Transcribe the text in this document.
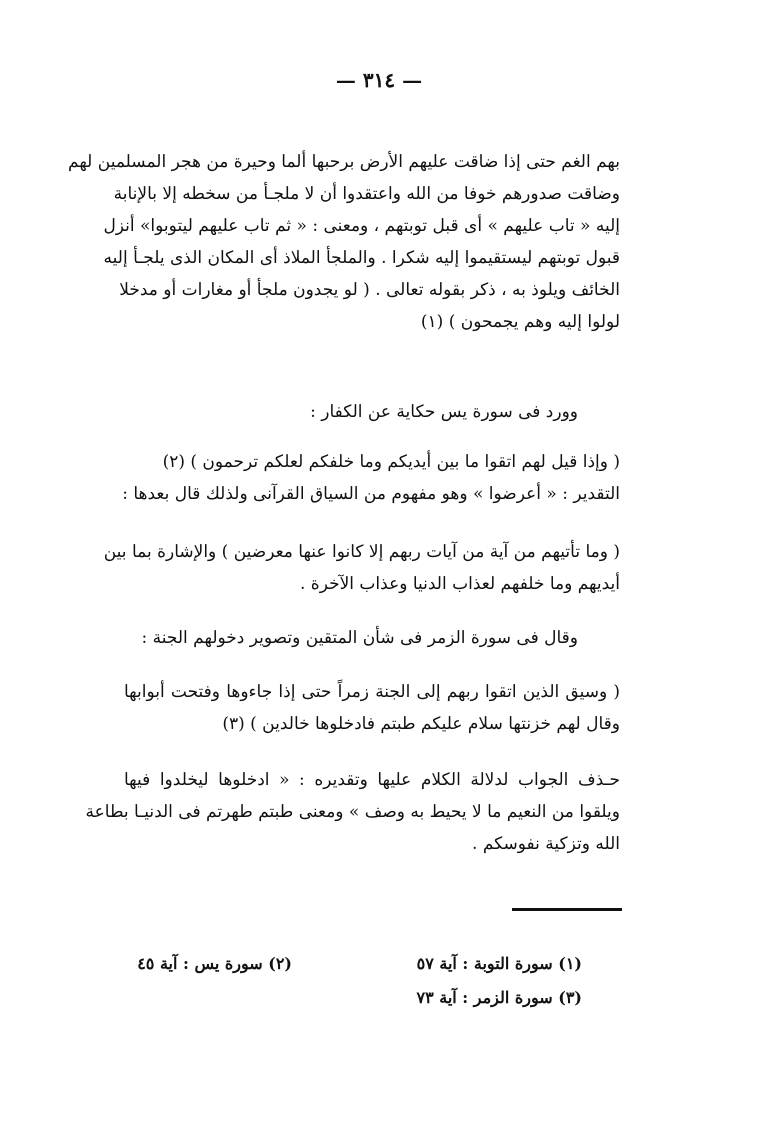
— ٣١٤ —
بهم الغم حتى إذا ضاقت عليهم الأرض برحبها ألما وحيرة من هجر المسلمين لهم
وضاقت صدورهم خوفا من الله واعتقدوا أن لا ملجـأ من سخطه إلا بالإنابة
إليه « تاب عليهم » أى قبل توبتهم ، ومعنى : « ثم تاب عليهم ليتوبوا» أنزل
قبول توبتهم ليستقيموا إليه شكرا . والملجأ الملاذ أى المكان الذى يلجـأ إليه
الخائف ويلوذ به ، ذكر بقوله تعالى . ( لو يجدون ملجأ أو مغارات أو مدخلا
لولوا إليه وهم يجمحون ) (١)
وورد فى سورة يس حكاية عن الكفار :
( وإذا قيل لهم اتقوا ما بين أيديكم وما خلفكم لعلكم ترحمون ) (٢)
التقدير : « أعرضوا » وهو مفهوم من السياق القرآنى ولذلك قال بعدها :
( وما تأتيهم من آية من آيات ربهم إلا كانوا عنها معرضين ) والإشارة بما بين
أيديهم وما خلفهم لعذاب الدنيا وعذاب الآخرة .
وقال فى سورة الزمر فى شأن المتقين وتصوير دخولهم الجنة :
( وسيق الذين اتقوا ربهم إلى الجنة زمراً حتى إذا جاءوها وفتحت أبوابها
وقال لهم خزنتها سلام عليكم طبتم فادخلوها خالدين ) (٣)
حـذف الجواب لدلالة الكلام عليها وتقديره : « ادخلوها ليخلدوا فيها
ويلقوا من النعيم ما لا يحيط به وصف » ومعنى طبتم طهرتم فى الدنيـا بطاعة
الله وتزكية نفوسكم .
(١) سورة التوبة : آية ٥٧
(٢) سورة يس : آية ٤٥
(٣) سورة الزمر : آية ٧٣
